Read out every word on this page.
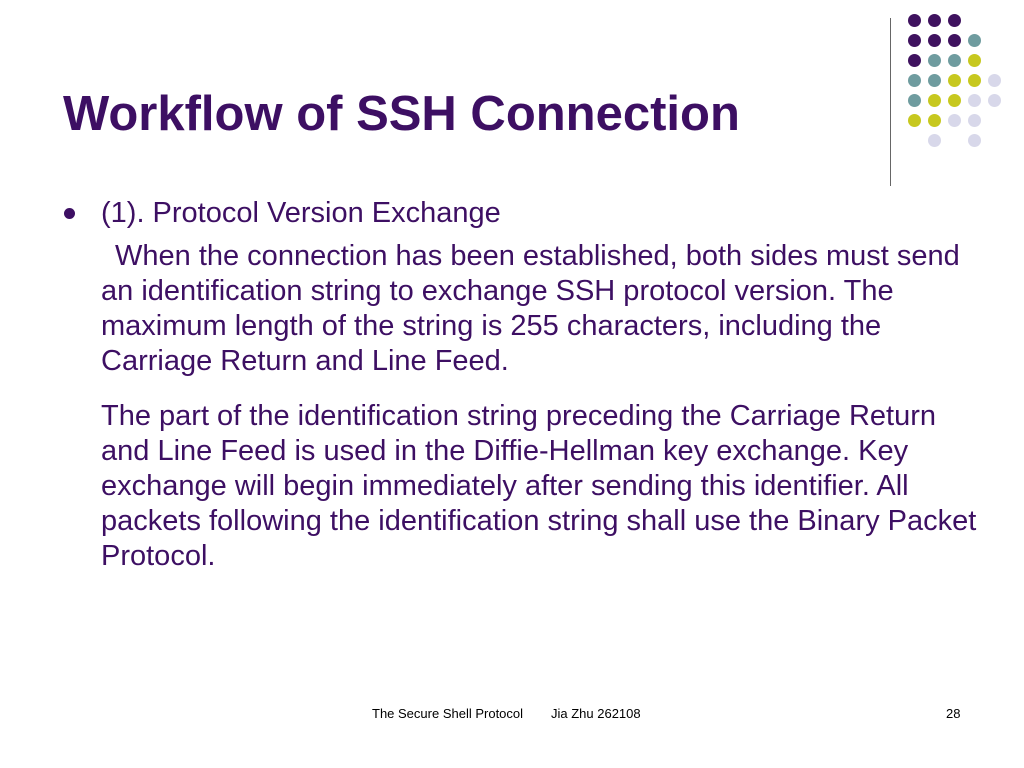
Workflow of SSH Connection
(1). Protocol Version Exchange
When the connection has been established, both sides must send an identification string to exchange SSH protocol version. The maximum length of the string is 255 characters, including the Carriage Return and Line Feed.
The part of the identification string preceding the Carriage Return and Line Feed is used in the Diffie-Hellman key exchange. Key exchange will begin immediately after sending this identifier. All packets following the identification string shall use the Binary Packet Protocol.
The Secure Shell Protocol Jia Zhu 262108	28
